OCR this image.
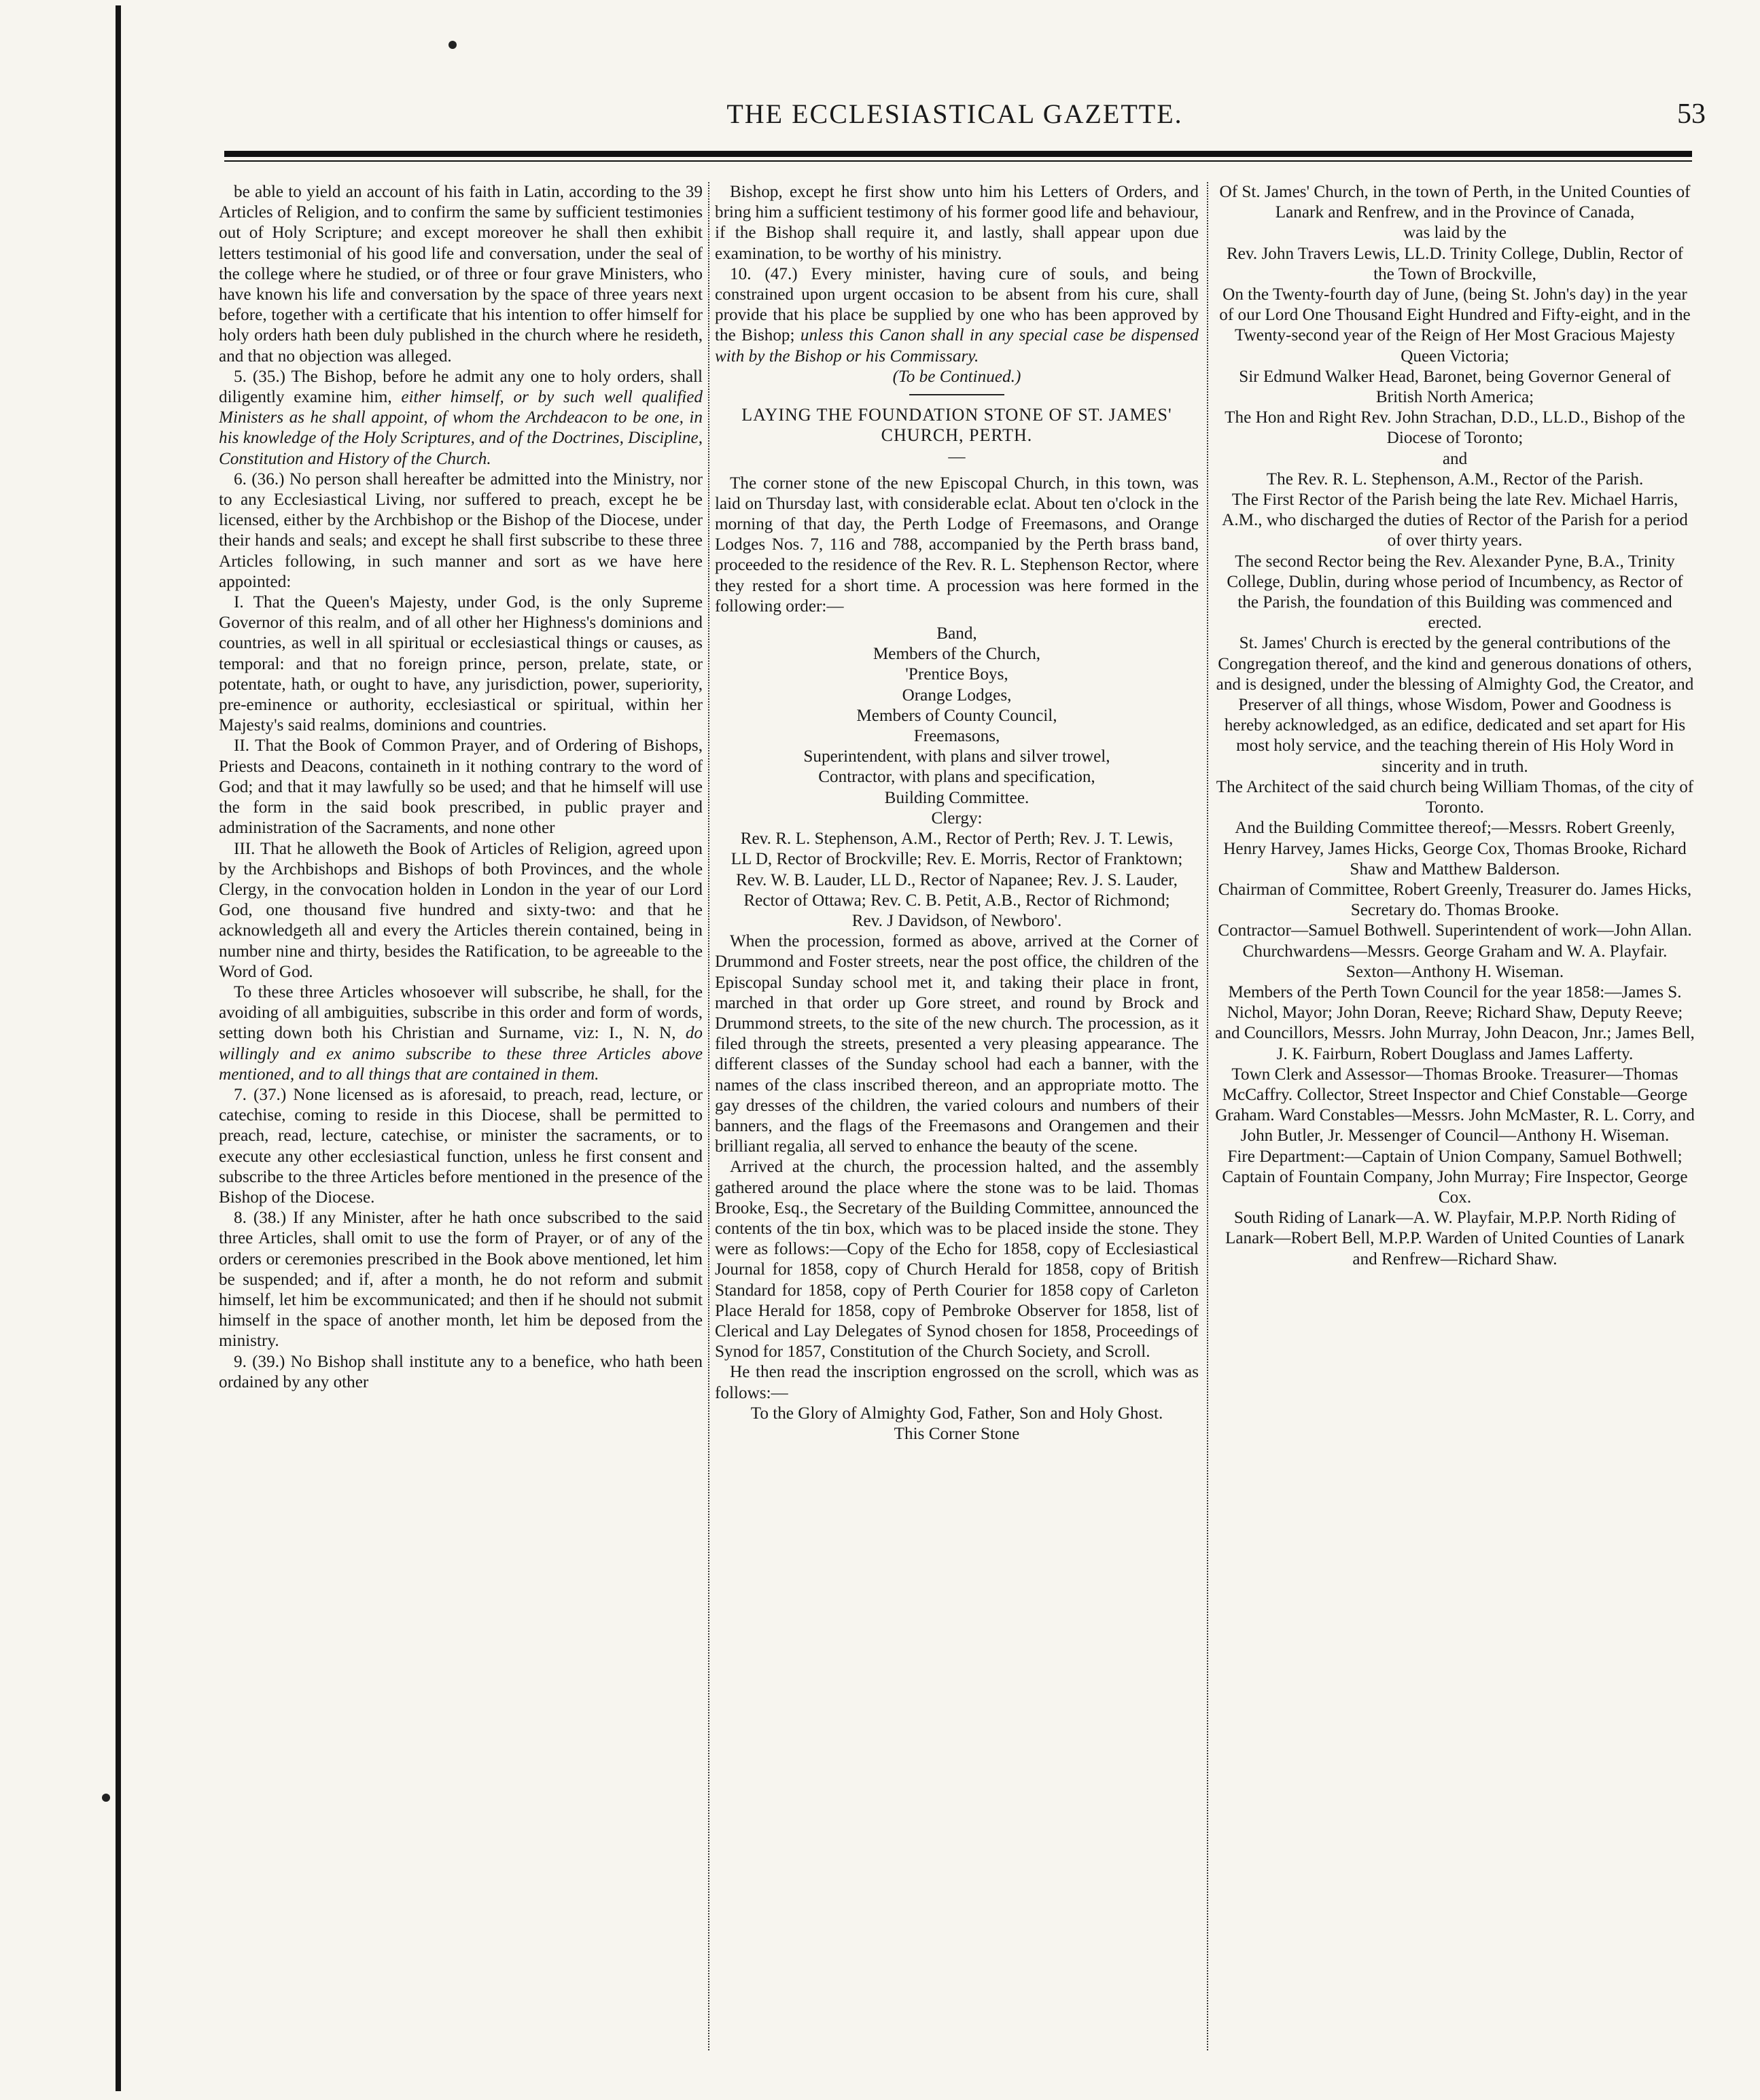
THE ECCLESIASTICAL GAZETTE.	53

be able to yield an account of his faith in Latin, according to the 39 Articles of Religion, and to confirm the same by sufficient testimonies out of Holy Scripture; and except moreover he shall then exhibit letters testimonial of his good life and conversation, under the seal of the college where he studied, or of three or four grave Ministers, who have known his life and conversation by the space of three years next before, together with a certificate that his intention to offer himself for holy orders hath been duly published in the church where he resideth, and that no objection was alleged.

5. (35.) The Bishop, before he admit any one to holy orders, shall diligently examine him, either himself, or by such well qualified Ministers as he shall appoint, of whom the Archdeacon to be one, in his knowledge of the Holy Scriptures, and of the Doctrines, Discipline, Constitution and History of the Church.

6. (36.) No person shall hereafter be admitted into the Ministry, nor to any Ecclesiastical Living, nor suffered to preach, except he be licensed, either by the Archbishop or the Bishop of the Diocese, under their hands and seals; and except he shall first subscribe to these three Articles following, in such manner and sort as we have here appointed:

I. That the Queen's Majesty, under God, is the only Supreme Governor of this realm, and of all other her Highness's dominions and countries, as well in all spiritual or ecclesiastical things or causes, as temporal: and that no foreign prince, person, prelate, state, or potentate, hath, or ought to have, any jurisdiction, power, superiority, pre-eminence or authority, ecclesiastical or spiritual, within her Majesty's said realms, dominions and countries.

II. That the Book of Common Prayer, and of Ordering of Bishops, Priests and Deacons, containeth in it nothing contrary to the word of God; and that it may lawfully so be used; and that he himself will use the form in the said book prescribed, in public prayer and administration of the Sacraments, and none other

III. That he alloweth the Book of Articles of Religion, agreed upon by the Archbishops and Bishops of both Provinces, and the whole Clergy, in the convocation holden in London in the year of our Lord God, one thousand five hundred and sixty-two: and that he acknowledgeth all and every the Articles therein contained, being in number nine and thirty, besides the Ratification, to be agreeable to the Word of God.

To these three Articles whosoever will subscribe, he shall, for the avoiding of all ambiguities, subscribe in this order and form of words, setting down both his Christian and Surname, viz: I., N. N, do willingly and ex animo subscribe to these three Articles above mentioned, and to all things that are contained in them.

7. (37.) None licensed as is aforesaid, to preach, read, lecture, or catechise, coming to reside in this Diocese, shall be permitted to preach, read, lecture, catechise, or minister the sacraments, or to execute any other ecclesiastical function, unless he first consent and subscribe to the three Articles before mentioned in the presence of the Bishop of the Diocese.

8. (38.) If any Minister, after he hath once subscribed to the said three Articles, shall omit to use the form of Prayer, or of any of the orders or ceremonies prescribed in the Book above mentioned, let him be suspended; and if, after a month, he do not reform and submit himself, let him be excommunicated; and then if he should not submit himself in the space of another month, let him be deposed from the ministry.

9. (39.) No Bishop shall institute any to a benefice, who hath been ordained by any other

Bishop, except he first show unto him his Letters of Orders, and bring him a sufficient testimony of his former good life and behaviour, if the Bishop shall require it, and lastly, shall appear upon due examination, to be worthy of his ministry.

10. (47.) Every minister, having cure of souls, and being constrained upon urgent occasion to be absent from his cure, shall provide that his place be supplied by one who has been approved by the Bishop; unless this Canon shall in any special case be dispensed with by the Bishop or his Commissary.

(To be Continued.)

LAYING THE FOUNDATION STONE OF ST. JAMES' CHURCH, PERTH.

—

The corner stone of the new Episcopal Church, in this town, was laid on Thursday last, with considerable eclat. About ten o'clock in the morning of that day, the Perth Lodge of Freemasons, and Orange Lodges Nos. 7, 116 and 788, accompanied by the Perth brass band, proceeded to the residence of the Rev. R. L. Stephenson Rector, where they rested for a short time. A procession was here formed in the following order:—

Band,

Members of the Church,

'Prentice Boys,

Orange Lodges,

Members of County Council,

Freemasons,

Superintendent, with plans and silver trowel,

Contractor, with plans and specification,

Building Committee.

Clergy:

Rev. R. L. Stephenson, A.M., Rector of Perth; Rev. J. T. Lewis, LL D, Rector of Brockville; Rev. E. Morris, Rector of Franktown; Rev. W. B. Lauder, LL D., Rector of Napanee; Rev. J. S. Lauder, Rector of Ottawa; Rev. C. B. Petit, A.B., Rector of Richmond; Rev. J Davidson, of Newboro'.

When the procession, formed as above, arrived at the Corner of Drummond and Foster streets, near the post office, the children of the Episcopal Sunday school met it, and taking their place in front, marched in that order up Gore street, and round by Brock and Drummond streets, to the site of the new church. The procession, as it filed through the streets, presented a very pleasing appearance. The different classes of the Sunday school had each a banner, with the names of the class inscribed thereon, and an appropriate motto. The gay dresses of the children, the varied colours and numbers of their banners, and the flags of the Freemasons and Orangemen and their brilliant regalia, all served to enhance the beauty of the scene.

Arrived at the church, the procession halted, and the assembly gathered around the place where the stone was to be laid. Thomas Brooke, Esq., the Secretary of the Building Committee, announced the contents of the tin box, which was to be placed inside the stone. They were as follows:—Copy of the Echo for 1858, copy of Ecclesiastical Journal for 1858, copy of Church Herald for 1858, copy of British Standard for 1858, copy of Perth Courier for 1858 copy of Carleton Place Herald for 1858, copy of Pembroke Observer for 1858, list of Clerical and Lay Delegates of Synod chosen for 1858, Proceedings of Synod for 1857, Constitution of the Church Society, and Scroll.

He then read the inscription engrossed on the scroll, which was as follows:—

To the Glory of Almighty God, Father, Son and Holy Ghost.

This Corner Stone

Of St. James' Church, in the town of Perth, in the United Counties of Lanark and Renfrew, and in the Province of Canada,

was laid by the

Rev. John Travers Lewis, LL.D. Trinity College, Dublin, Rector of the Town of Brockville,

On the Twenty-fourth day of June, (being St. John's day) in the year of our Lord One Thousand Eight Hundred and Fifty-eight, and in the Twenty-second year of the Reign of Her Most Gracious Majesty Queen Victoria;

Sir Edmund Walker Head, Baronet, being Governor General of British North America;

The Hon and Right Rev. John Strachan, D.D., LL.D., Bishop of the Diocese of Toronto;

and

The Rev. R. L. Stephenson, A.M., Rector of the Parish.

The First Rector of the Parish being the late Rev. Michael Harris, A.M., who discharged the duties of Rector of the Parish for a period of over thirty years.

The second Rector being the Rev. Alexander Pyne, B.A., Trinity College, Dublin, during whose period of Incumbency, as Rector of the Parish, the foundation of this Building was commenced and erected.

St. James' Church is erected by the general contributions of the Congregation thereof, and the kind and generous donations of others, and is designed, under the blessing of Almighty God, the Creator, and Preserver of all things, whose Wisdom, Power and Goodness is hereby acknowledged, as an edifice, dedicated and set apart for His most holy service, and the teaching therein of His Holy Word in sincerity and in truth.

The Architect of the said church being William Thomas, of the city of Toronto.

And the Building Committee thereof;—Messrs. Robert Greenly, Henry Harvey, James Hicks, George Cox, Thomas Brooke, Richard Shaw and Matthew Balderson.

Chairman of Committee, Robert Greenly, Treasurer do. James Hicks, Secretary do. Thomas Brooke.

Contractor—Samuel Bothwell. Superintendent of work—John Allan.

Churchwardens—Messrs. George Graham and W. A. Playfair.

Sexton—Anthony H. Wiseman.

Members of the Perth Town Council for the year 1858:—James S. Nichol, Mayor; John Doran, Reeve; Richard Shaw, Deputy Reeve; and Councillors, Messrs. John Murray, John Deacon, Jnr.; James Bell, J. K. Fairburn, Robert Douglass and James Lafferty.

Town Clerk and Assessor—Thomas Brooke. Treasurer—Thomas McCaffry. Collector, Street Inspector and Chief Constable—George Graham. Ward Constables—Messrs. John McMaster, R. L. Corry, and John Butler, Jr. Messenger of Council—Anthony H. Wiseman.

Fire Department:—Captain of Union Company, Samuel Bothwell; Captain of Fountain Company, John Murray; Fire Inspector, George Cox.

South Riding of Lanark—A. W. Playfair, M.P.P. North Riding of Lanark—Robert Bell, M.P.P. Warden of United Counties of Lanark and Renfrew—Richard Shaw.
